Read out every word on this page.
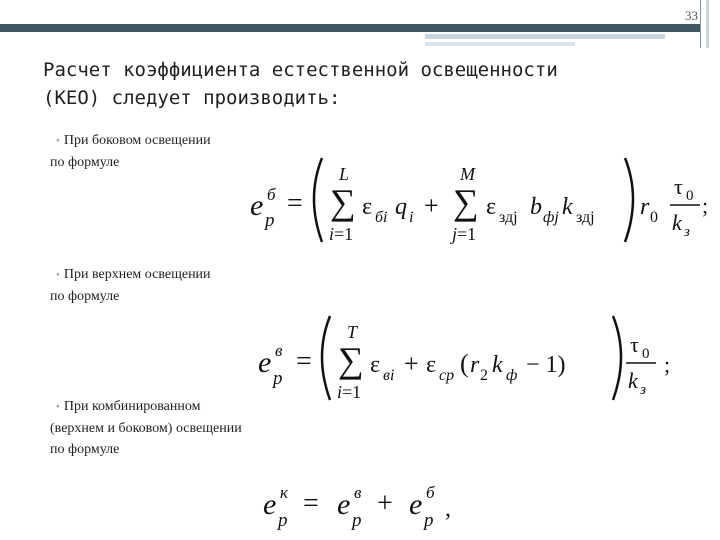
33
Расчет коэффициента естественной освещенности
(КЕО) следует производить:
• При боковом освещении
по формуле
e б
p
= ∑
L
i=1
ε бi q i + ∑
M
j=1
ε здj b фj k здj r 0
τ 0
k з
;
• При верхнем освещении
по формуле
e в
p
= ∑
T
i=1
ε вi + ε ср ( r 2 k ф − 1)
τ 0
k з
;
• При комбинированном
(верхнем и боковом) освещении
по формуле
e к
p
= e в
p
+ e б
p ,
